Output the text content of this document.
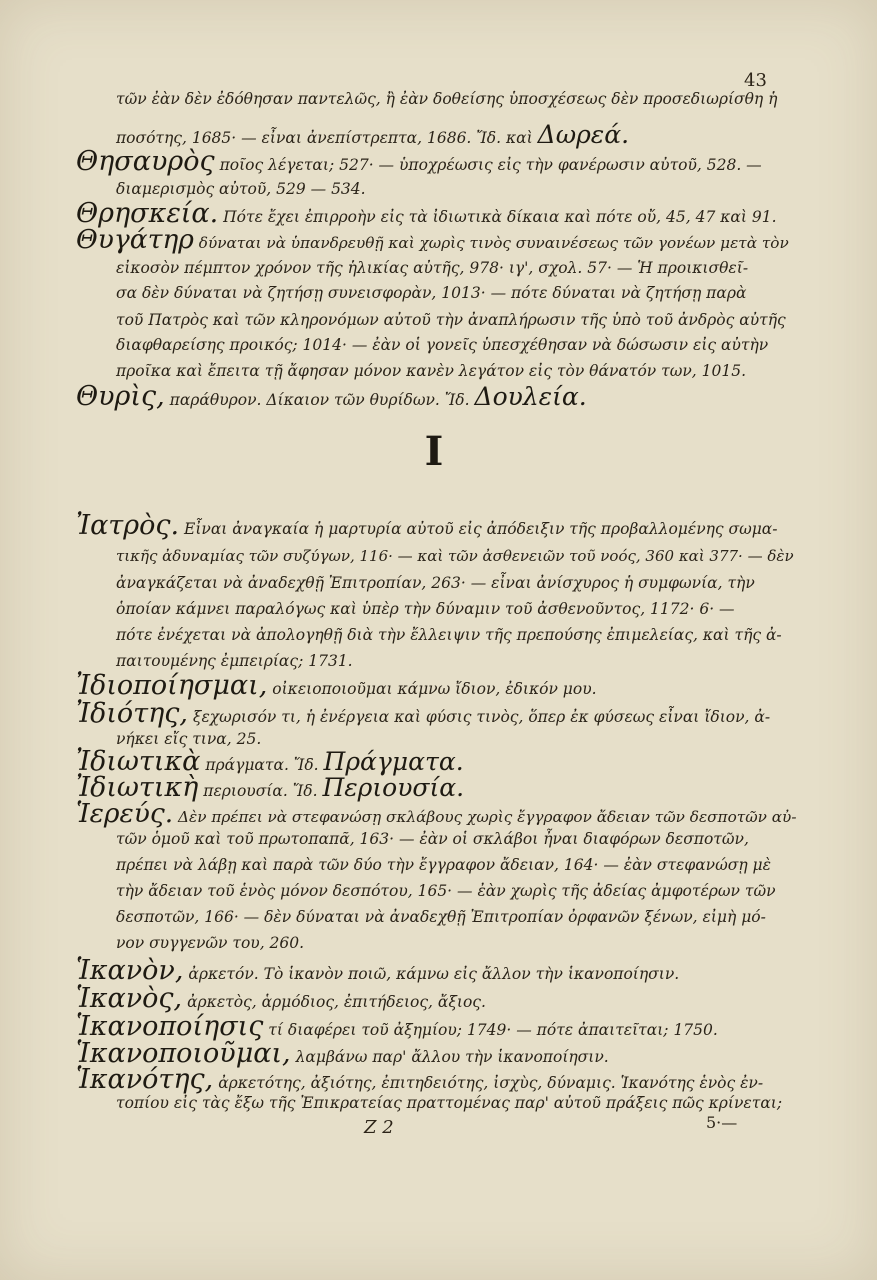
43
τῶν ἐὰν δὲν ἐδόθησαν παντελῶς, ἢ ἐὰν δοθείσης ὑποσχέσεως δὲν προσεδιωρίσθη ἡ
ποσότης, 1685· — εἶναι ἀνεπίστρεπτα, 1686. Ἴδ. καὶ Δωρεά.
Θησαυρὸς ποῖος λέγεται; 527· — ὑποχρέωσις εἰς τὴν φανέρωσιν αὐτοῦ, 528. —
διαμερισμὸς αὐτοῦ, 529 — 534.
Θρησκεία. Πότε ἔχει ἐπιρροὴν εἰς τὰ ἰδιωτικὰ δίκαια καὶ πότε οὔ, 45, 47 καὶ 91.
Θυγάτηρ δύναται νὰ ὑπανδρευθῇ καὶ χωρὶς τινὸς συναινέσεως τῶν γονέων μετὰ τὸν
εἰκοσὸν πέμπτον χρόνον τῆς ἡλικίας αὐτῆς, 978· ιγ', σχολ. 57· — Ἡ προικισθεῖ-
σα δὲν δύναται νὰ ζητήσῃ συνεισφορὰν, 1013· — πότε δύναται νὰ ζητήσῃ παρὰ
τοῦ Πατρὸς καὶ τῶν κληρονόμων αὐτοῦ τὴν ἀναπλήρωσιν τῆς ὑπὸ τοῦ ἀνδρὸς αὐτῆς
διαφθαρείσης προικός; 1014· — ἐὰν οἱ γονεῖς ὑπεσχέθησαν νὰ δώσωσιν εἰς αὐτὴν
προῖκα καὶ ἔπειτα τῇ ἄφησαν μόνον κανὲν λεγάτον εἰς τὸν θάνατόν των, 1015.
Θυρὶς, παράθυρον. Δίκαιον τῶν θυρίδων. Ἴδ. Δουλεία.
I
Ἰατρὸς. Εἶναι ἀναγκαία ἡ μαρτυρία αὐτοῦ εἰς ἀπόδειξιν τῆς προβαλλομένης σωμα-
τικῆς ἀδυναμίας τῶν συζύγων, 116· — καὶ τῶν ἀσθενειῶν τοῦ νοός, 360 καὶ 377· — δὲν
ἀναγκάζεται νὰ ἀναδεχθῇ Ἐπιτροπίαν, 263· — εἶναι ἀνίσχυρος ἡ συμφωνία, τὴν
ὁποίαν κάμνει παραλόγως καὶ ὑπὲρ τὴν δύναμιν τοῦ ἀσθενοῦντος, 1172· 6· —
πότε ἐνέχεται νὰ ἀπολογηθῇ διὰ τὴν ἔλλειψιν τῆς πρεπούσης ἐπιμελείας, καὶ τῆς ἀ-
παιτουμένης ἐμπειρίας; 1731.
Ἰδιοποίησμαι, οἰκειοποιοῦμαι κάμνω ἴδιον, ἐδικόν μου.
Ἰδιότης, ξεχωρισόν τι, ἡ ἐνέργεια καὶ φύσις τινὸς, ὅπερ ἐκ φύσεως εἶναι ἴδιον, ἀ-
νήκει εἴς τινα, 25.
Ἰδιωτικὰ πράγματα. Ἴδ. Πράγματα.
Ἰδιωτικὴ περιουσία. Ἴδ. Περιουσία.
Ἱερεύς. Δὲν πρέπει νὰ στεφανώσῃ σκλάβους χωρὶς ἔγγραφον ἄδειαν τῶν δεσποτῶν αὐ-
τῶν ὁμοῦ καὶ τοῦ πρωτοπαπᾶ, 163· — ἐὰν οἱ σκλάβοι ἦναι διαφόρων δεσποτῶν,
πρέπει νὰ λάβῃ καὶ παρὰ τῶν δύο τὴν ἔγγραφον ἄδειαν, 164· — ἐὰν στεφανώσῃ μὲ
τὴν ἄδειαν τοῦ ἑνὸς μόνον δεσπότου, 165· — ἐὰν χωρὶς τῆς ἀδείας ἀμφοτέρων τῶν
δεσποτῶν, 166· — δὲν δύναται νὰ ἀναδεχθῇ Ἐπιτροπίαν ὀρφανῶν ξένων, εἰμὴ μό-
νον συγγενῶν του, 260.
Ἱκανὸν, ἀρκετόν. Τὸ ἱκανὸν ποιῶ, κάμνω εἰς ἄλλον τὴν ἱκανοποίησιν.
Ἱκανὸς, ἀρκετὸς, ἁρμόδιος, ἐπιτήδειος, ἄξιος.
Ἱκανοποίησις τί διαφέρει τοῦ ἀξημίου; 1749· — πότε ἀπαιτεῖται; 1750.
Ἱκανοποιοῦμαι, λαμβάνω παρ' ἄλλου τὴν ἱκανοποίησιν.
Ἱκανότης, ἀρκετότης, ἀξιότης, ἐπιτηδειότης, ἰσχὺς, δύναμις. Ἱκανότης ἑνὸς ἐν-
τοπίου εἰς τὰς ἔξω τῆς Ἐπικρατείας πραττομένας παρ' αὐτοῦ πράξεις πῶς κρίνεται;
Z 2	5·—
